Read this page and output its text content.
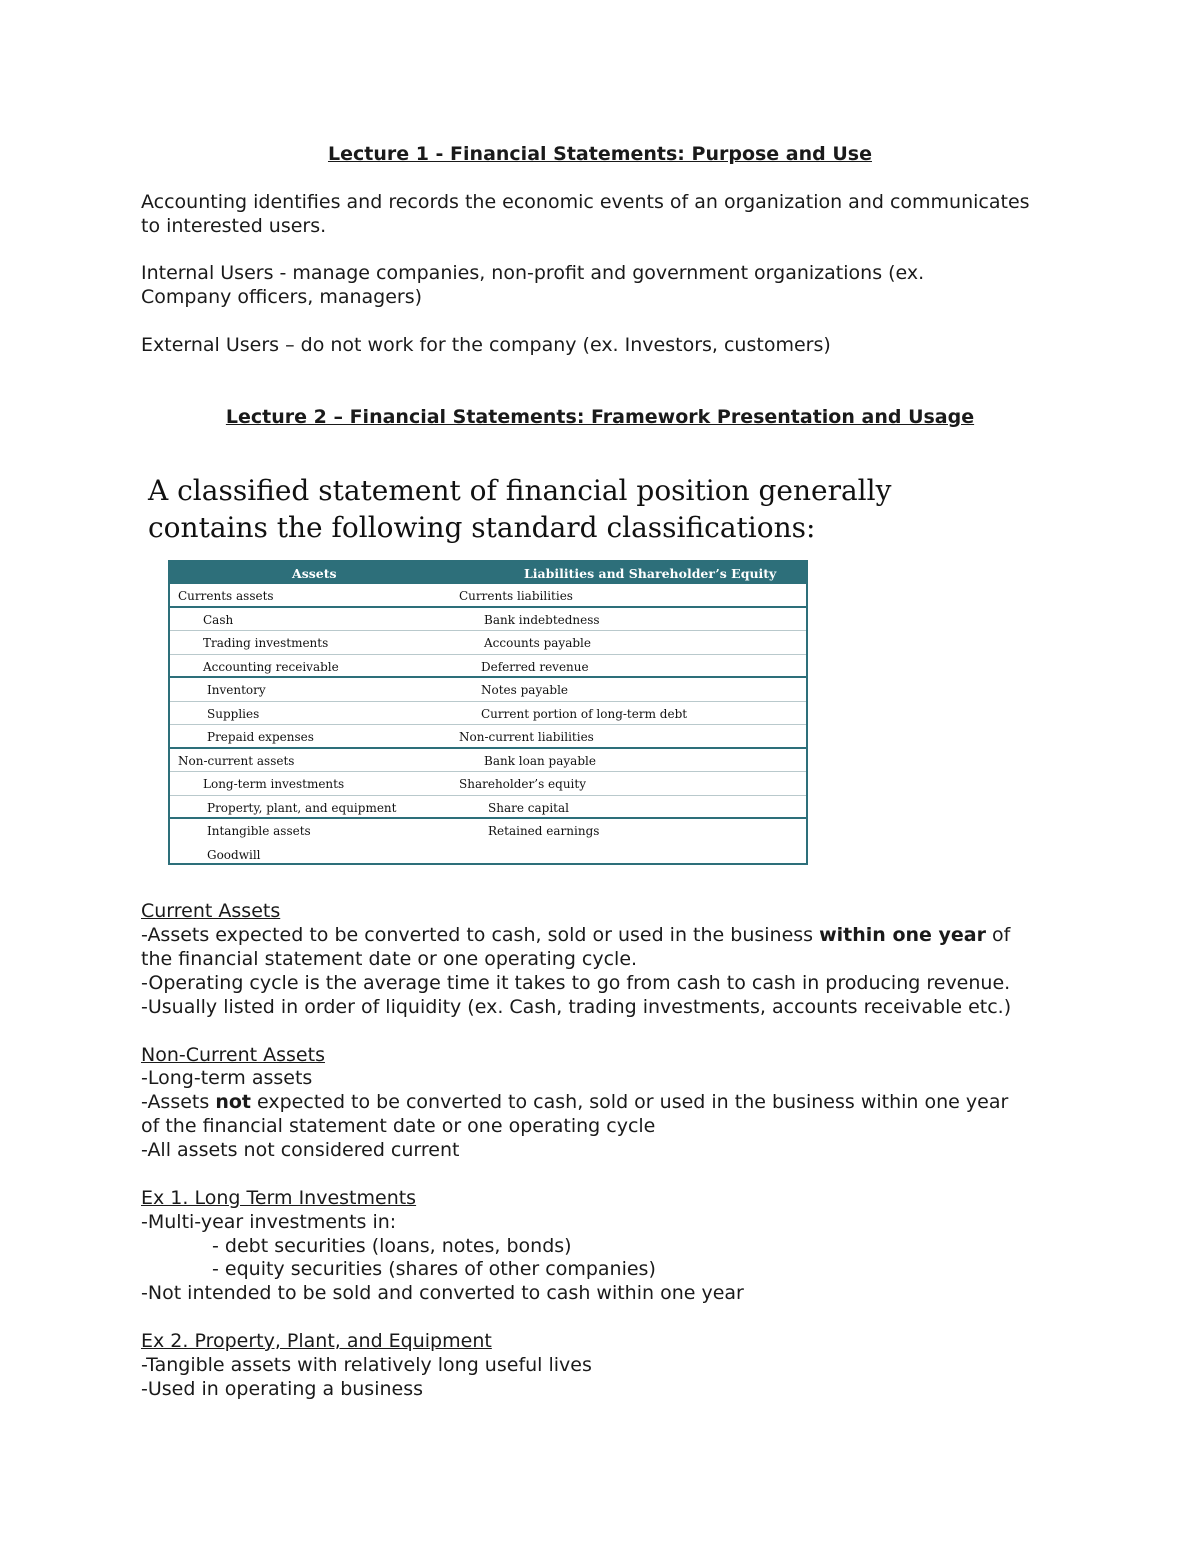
Lecture 1 - Financial Statements: Purpose and Use
Accounting identifies and records the economic events of an organization and communicates
to interested users.
Internal Users - manage companies, non-profit and government organizations (ex.
Company officers, managers)
External Users – do not work for the company (ex. Investors, customers)
Lecture 2 – Financial Statements: Framework Presentation and Usage
A classified statement of financial position generally
contains the following standard classifications:
Assets	Liabilities and Shareholder’s Equity
Currents assets	Currents liabilities
Cash	Bank indebtedness
Trading investments	Accounts payable
Accounting receivable	Deferred revenue
Inventory	Notes payable
Supplies	Current portion of long-term debt
Prepaid expenses	Non-current liabilities
Non-current assets	Bank loan payable
Long-term investments	Shareholder’s equity
Property, plant, and equipment	Share capital
Intangible assets	Retained earnings
Goodwill
Current Assets
-Assets expected to be converted to cash, sold or used in the business within one year of
the financial statement date or one operating cycle.
-Operating cycle is the average time it takes to go from cash to cash in producing revenue.
-Usually listed in order of liquidity (ex. Cash, trading investments, accounts receivable etc.)
Non-Current Assets
-Long-term assets
-Assets not expected to be converted to cash, sold or used in the business within one year
of the financial statement date or one operating cycle
-All assets not considered current
Ex 1. Long Term Investments
-Multi-year investments in:
- debt securities (loans, notes, bonds)
- equity securities (shares of other companies)
-Not intended to be sold and converted to cash within one year
Ex 2. Property, Plant, and Equipment
-Tangible assets with relatively long useful lives
-Used in operating a business
